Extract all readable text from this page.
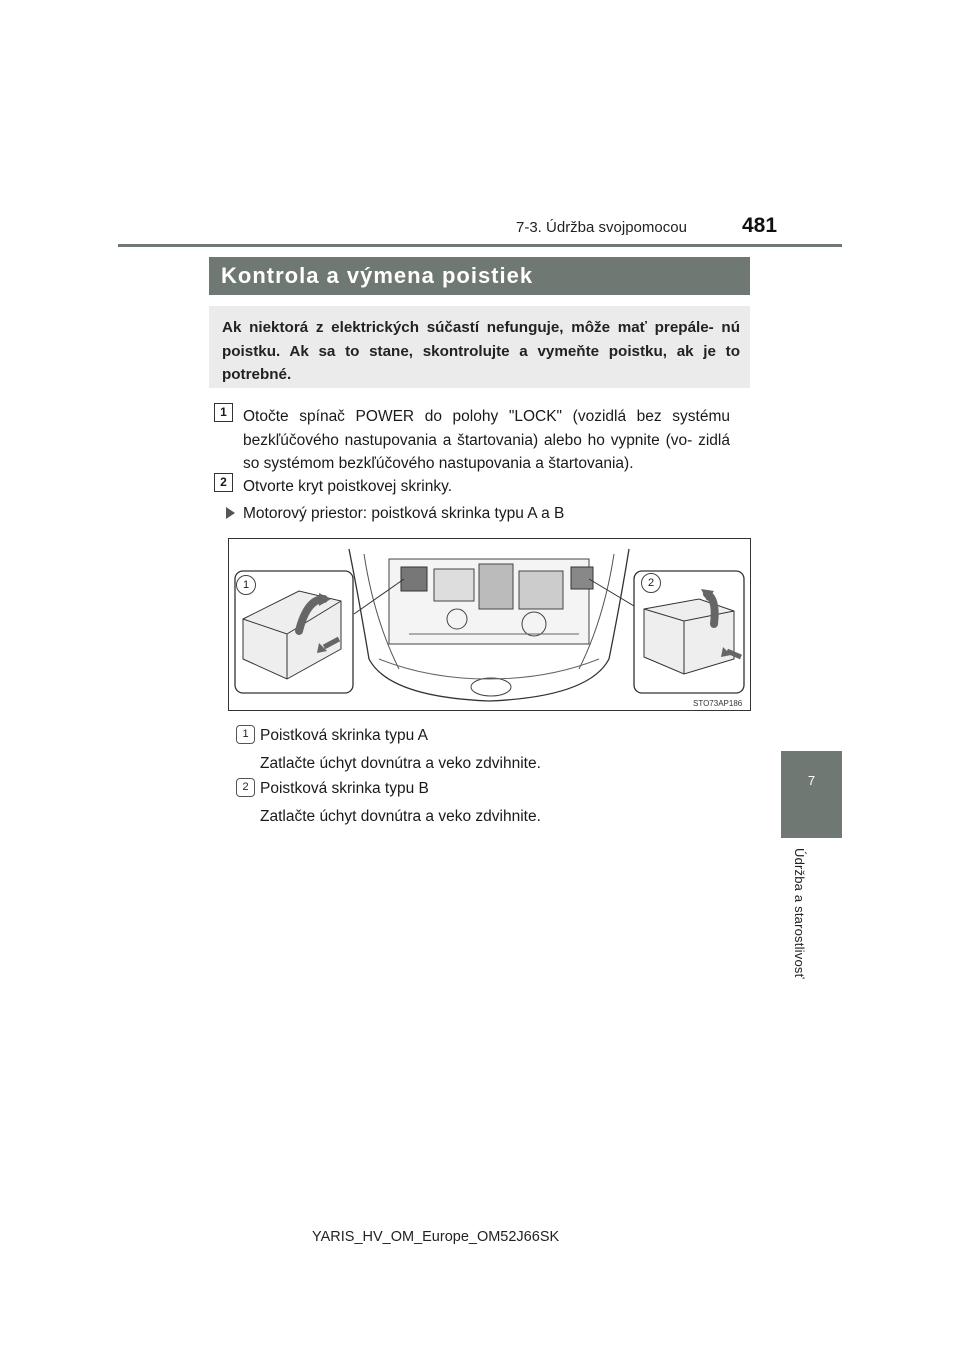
7-3. Údržba svojpomocou	481
7
Údržba a starostlivosť
Kontrola a výmena poistiek
Ak niektorá z elektrických súčastí nefunguje, môže mať prepále- nú poistku. Ak sa to stane, skontrolujte a vymeňte poistku, ak je to potrebné.
1	Otočte spínač POWER do polohy "LOCK" (vozidlá bez systému bezkľúčového nastupovania a štartovania) alebo ho vypnite (vo- zidlá so systémom bezkľúčového nastupovania a štartovania).
2	Otvorte kryt poistkovej skrinky.
Motorový priestor: poistková skrinka typu A a B
1	2
STO73AP186
1 Poistková skrinka typu A
Zatlačte úchyt dovnútra a veko zdvihnite.
2 Poistková skrinka typu B
Zatlačte úchyt dovnútra a veko zdvihnite.
YARIS_HV_OM_Europe_OM52J66SK
